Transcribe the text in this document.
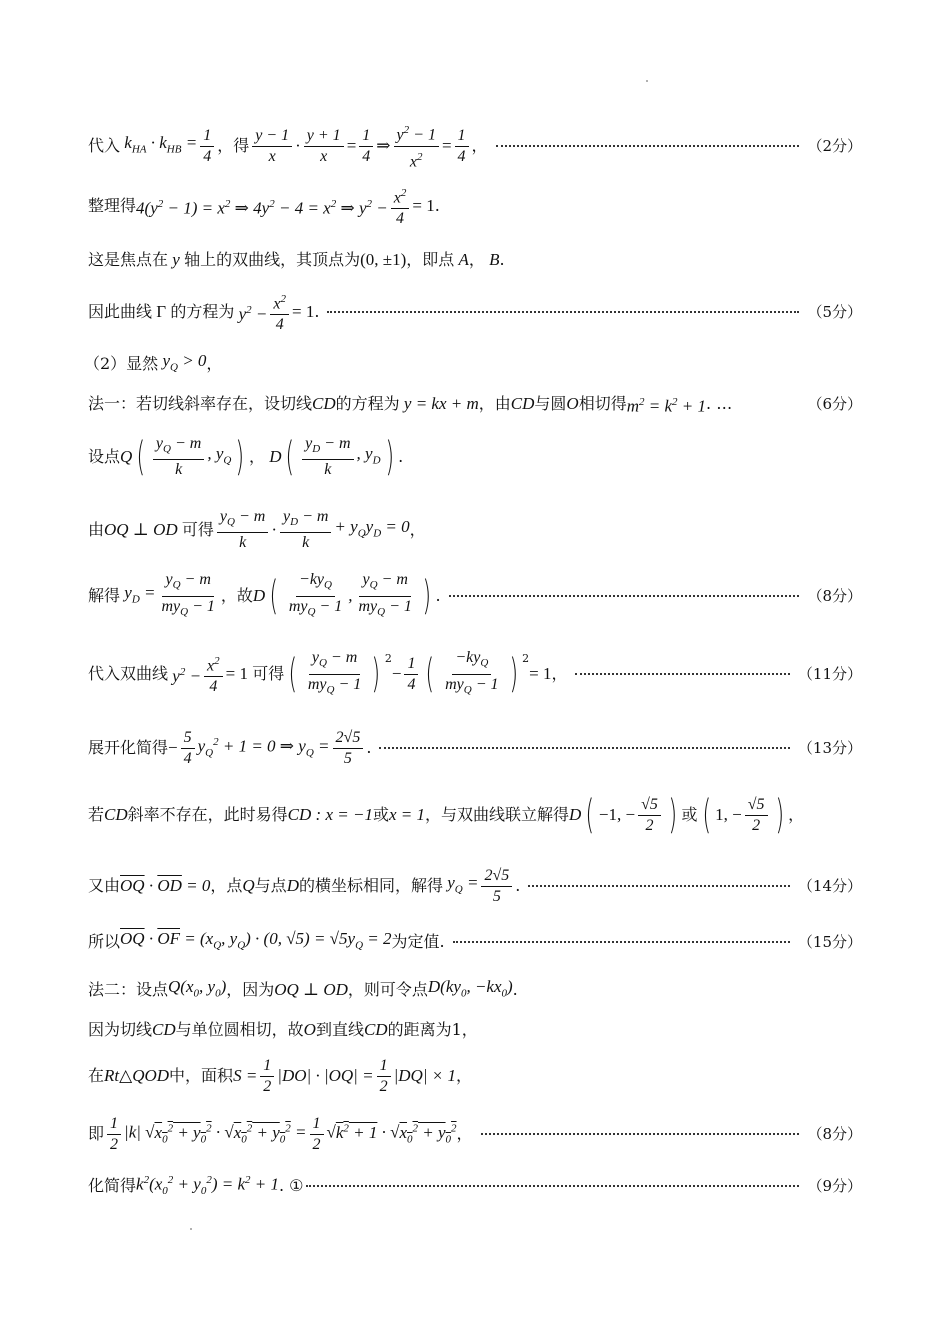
代入 $k_{HA} \cdot k_{HB} = \frac{1}{4}$ ，得 $\frac{y - 1}{x} \cdot \frac{y + 1}{x} = \frac{1}{4}$ ⇒ $\frac{y^2 - 1}{x^2} = \frac{1}{4}$ ，	（2分）
整理得 $4(y^2 - 1) = x^2$ ⇒ $4y^2 - 4 = x^2$ ⇒ $y^2 - \frac{x^2}{4} = 1$ .
这是焦点在 y 轴上的双曲线，其顶点为 (0, ±1) ，即点 A ， B .
因此曲线 Γ 的方程为 $y^2 - \frac{x^2}{4} = 1$ .	（5分）
（2）显然 $y_Q > 0$ ，
法一：若切线斜率存在，设切线 CD 的方程为 y = kx + m ，由 CD 与圆 O 相切得 $m^2 = k^2 + 1$ . …	（6分）
设点 Q ( $\frac{y_Q - m}{k}$ , $y_Q$ ) ， D ( $\frac{y_D - m}{k}$ , $y_D$ ) .
由 OQ ⊥ OD 可得 $\frac{y_Q - m}{k} \cdot \frac{y_D - m}{k} + y_Qy_D = 0$ ，
解得 $y_D = \frac{y_Q - m}{my_Q - 1}$ ，故 D ( $\frac{-ky_Q}{my_Q - 1}$ , $\frac{y_Q - m}{my_Q - 1}$ ) .	（8分）
代入双曲线 $y^2 - \frac{x^2}{4} = 1$ 可得 ( $\frac{y_Q - m}{my_Q - 1}$ ) $^2$
− $\frac{1}{4}$ ( $\frac{-ky_Q}{my_Q - 1}$ ) $^2$
= 1 ，	（11分）
展开化简得 − $\frac{5}{4} y_Q^2 + 1 = 0$ ⇒ $y_Q = \frac{2√5}{5}$ .	（13分）
若 CD 斜率不存在，此时易得 CD : x = −1 或 x = 1 ，与双曲线联立解得 D ( −1, − $\frac{√5}{2}$ ) 或 ( 1, − $\frac{√5}{2}$ ) ，
又由 $\overline{OQ} \cdot \overline{OD} = 0$ ，点 Q 与点 D 的横坐标相同，解得 $y_Q = \frac{2√5}{5}$ .	（14分）
所以 $\overline{OQ} \cdot \overline{OF} = (x_Q$, $y_Q) \cdot (0$, $√5) = √5y_Q = 2$ 为定值.	（15分）
法二：设点 $Q(x_0$, $y_0$) ，因为 OQ ⊥ OD ，则可令点 $D(ky_0$, $-kx_0$) .
因为切线 CD 与单位圆相切，故 O 到直线 CD 的距离为1，
在 Rt△QOD 中，面积 $S = \frac{1}{2} |DO| \cdot |OQ| = \frac{1}{2} |DQ| \times 1$ ，
即 $\frac{1}{2} |k|$ $√x_0^2 + y_0^2 \cdot √x_0^2 + y_0^2 = \frac{1}{2} √k^2 + 1 \cdot √x_0^2 + y_0^2$ ，	（8分）
化简得 $k^2(x_0^2 + y_0^2) = k^2 + 1$ . ①	（9分）
